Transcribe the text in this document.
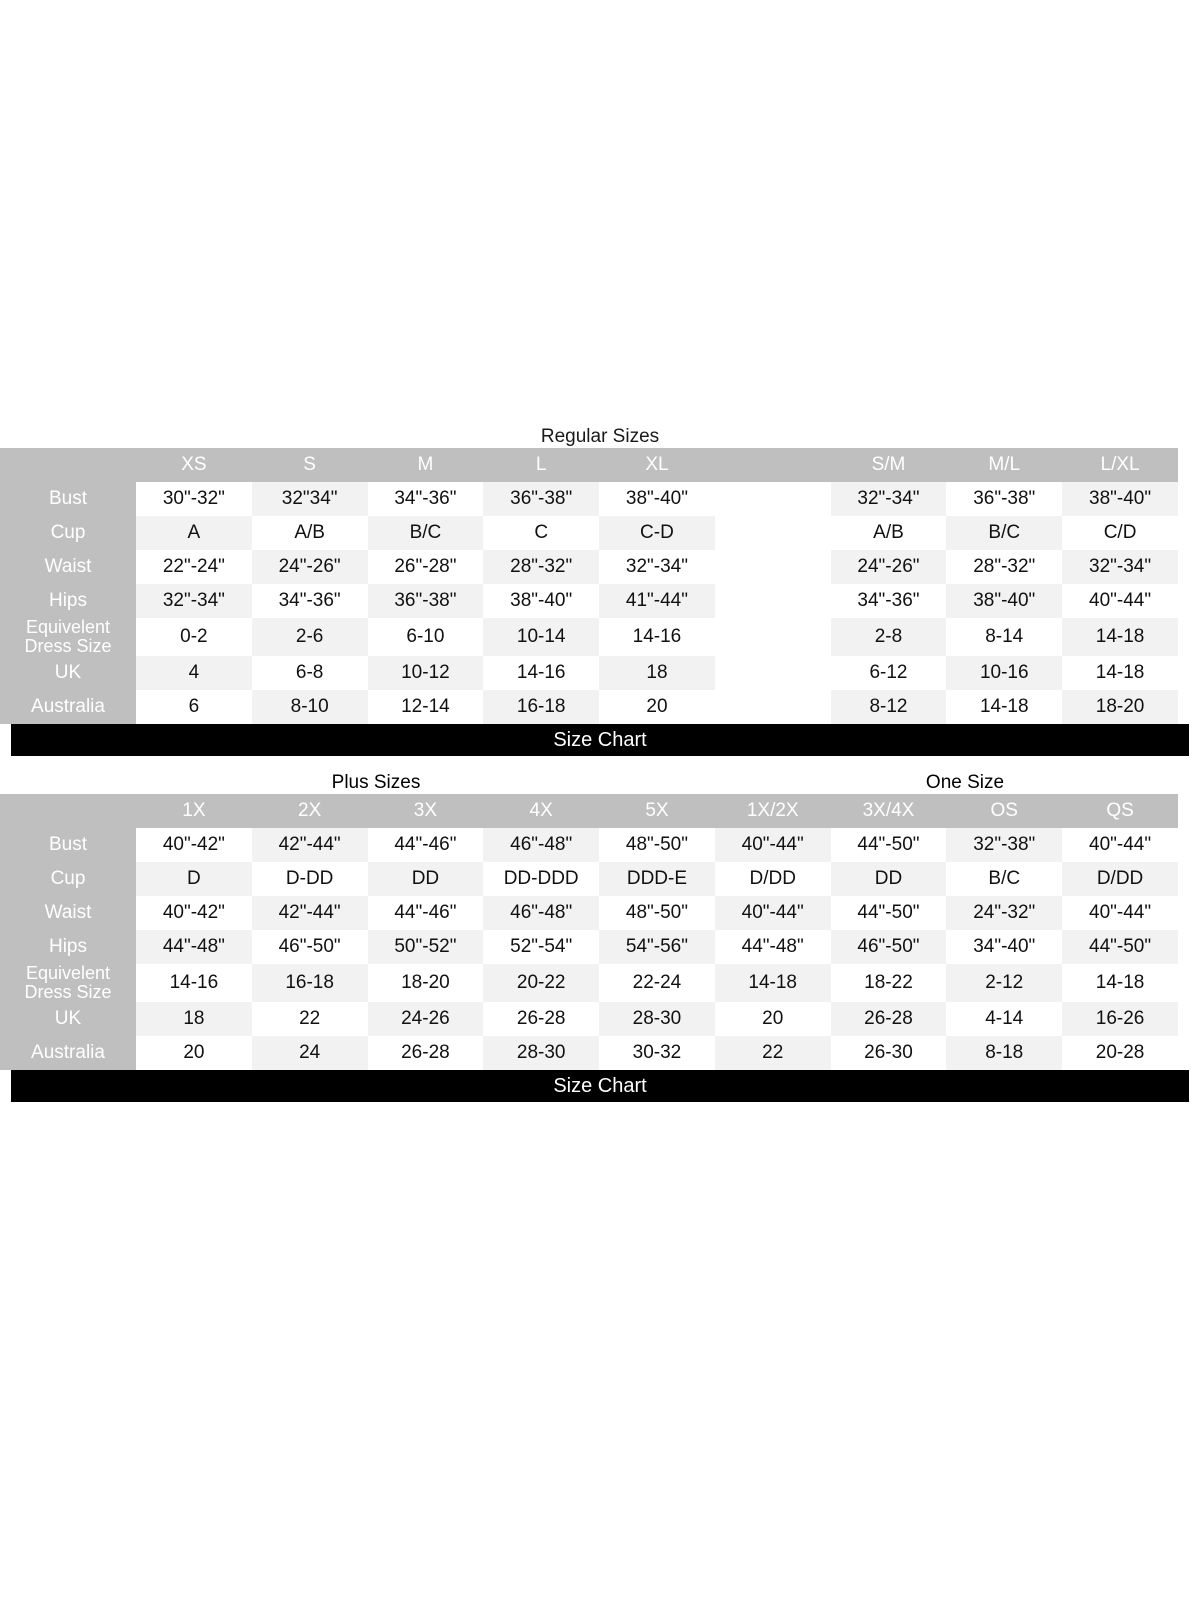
Regular Sizes
	XS	S	M	L	XL		S/M	M/L	L/XL
Bust	30"-32"	32"34"	34"-36"	36"-38"	38"-40"		32"-34"	36"-38"	38"-40"
Cup	A	A/B	B/C	C	C-D		A/B	B/C	C/D
Waist	22"-24"	24"-26"	26"-28"	28"-32"	32"-34"		24"-26"	28"-32"	32"-34"
Hips	32"-34"	34"-36"	36"-38"	38"-40"	41"-44"		34"-36"	38"-40"	40"-44"
Equivelent Dress Size	0-2	2-6	6-10	10-14	14-16		2-8	8-14	14-18
UK	4	6-8	10-12	14-16	18		6-12	10-16	14-18
Australia	6	8-10	12-14	16-18	20		8-12	14-18	18-20
Size Chart
Plus Sizes	One Size
	1X	2X	3X	4X	5X	1X/2X	3X/4X	OS	QS
Bust	40"-42"	42"-44"	44"-46"	46"-48"	48"-50"	40"-44"	44"-50"	32"-38"	40"-44"
Cup	D	D-DD	DD	DD-DDD	DDD-E	D/DD	DD	B/C	D/DD
Waist	40"-42"	42"-44"	44"-46"	46"-48"	48"-50"	40"-44"	44"-50"	24"-32"	40"-44"
Hips	44"-48"	46"-50"	50"-52"	52"-54"	54"-56"	44"-48"	46"-50"	34"-40"	44"-50"
Equivelent Dress Size	14-16	16-18	18-20	20-22	22-24	14-18	18-22	2-12	14-18
UK	18	22	24-26	26-28	28-30	20	26-28	4-14	16-26
Australia	20	24	26-28	28-30	30-32	22	26-30	8-18	20-28
Size Chart
